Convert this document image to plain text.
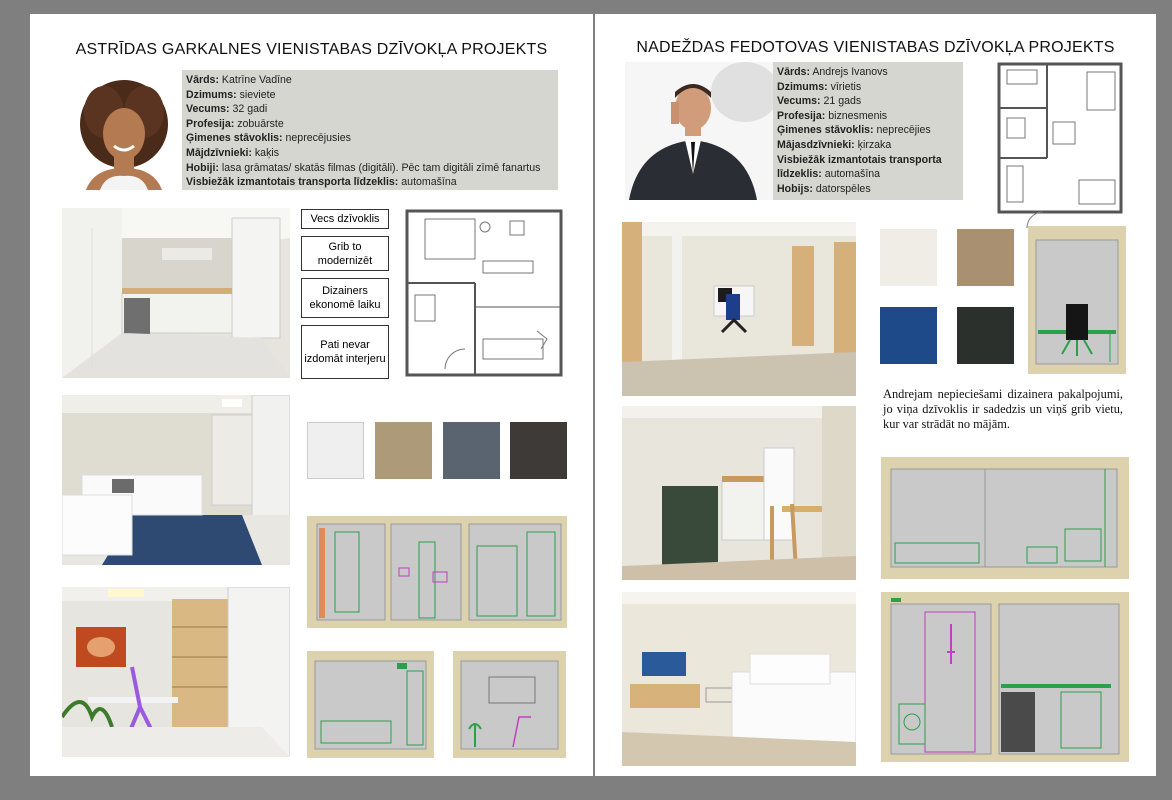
ASTRĪDAS GARKALNES VIENISTABAS DZĪVOKĻA PROJEKTS
Vārds: Katrīne Vadīne
Dzimums: sieviete
Vecums: 32 gadi
Profesija: zobuārste
Ģimenes stāvoklis: neprecējusies
Mājdzīvnieki: kaķis
Hobiji: lasa grāmatas/ skatās filmas (digitāli). Pēc tam digitāli zīmē fanartus
Visbiežāk izmantotais transporta līdzeklis: automašīna
Vecs dzīvoklis
Grib to modernizēt
Dizainers ekonomē laiku
Pati nevar izdomāt interjeru
NADEŽDAS FEDOTOVAS VIENISTABAS DZĪVOKĻA PROJEKTS
Vārds: Andrejs Ivanovs
Dzimums: vīrietis
Vecums: 21 gads
Profesija: biznesmenis
Ģimenes stāvoklis: neprecējies
Mājasdzīvnieki: ķirzaka
Visbiežāk izmantotais transporta līdzeklis: automašīna
Hobijs: datorspēles
Andrejam nepieciešami dizainera pakalpojumi, jo viņa dzīvoklis ir sadedzis un viņš grib vietu, kur var strādāt no mājām.
